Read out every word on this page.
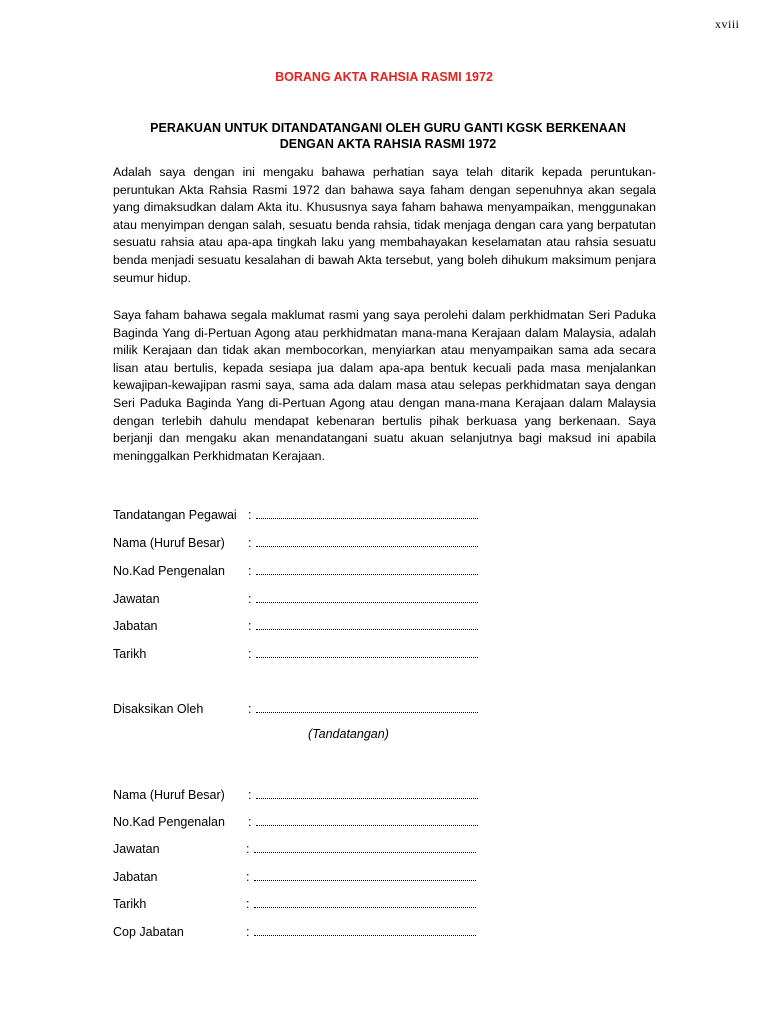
xviii
BORANG AKTA RAHSIA RASMI 1972
PERAKUAN UNTUK DITANDATANGANI OLEH GURU GANTI KGSK BERKENAAN
DENGAN AKTA RAHSIA RASMI 1972

Adalah saya dengan ini mengaku bahawa perhatian saya telah ditarik kepada peruntukan-peruntukan Akta Rahsia Rasmi 1972 dan bahawa saya faham dengan sepenuhnya akan segala yang dimaksudkan dalam Akta itu. Khususnya saya faham bahawa menyampaikan, menggunakan atau menyimpan dengan salah, sesuatu benda rahsia, tidak menjaga dengan cara yang berpatutan sesuatu rahsia atau apa-apa tingkah laku yang membahayakan keselamatan atau rahsia sesuatu benda menjadi sesuatu kesalahan di bawah Akta tersebut, yang boleh dihukum maksimum penjara seumur hidup.

Saya faham bahawa segala maklumat rasmi yang saya perolehi dalam perkhidmatan Seri Paduka Baginda Yang di-Pertuan Agong atau perkhidmatan mana-mana Kerajaan dalam Malaysia, adalah milik Kerajaan dan tidak akan membocorkan, menyiarkan atau menyampaikan sama ada secara lisan atau bertulis, kepada sesiapa jua dalam apa-apa bentuk kecuali pada masa menjalankan kewajipan-kewajipan rasmi saya, sama ada dalam masa atau selepas perkhidmatan saya dengan Seri Paduka Baginda Yang di-Pertuan Agong atau dengan mana-mana Kerajaan dalam Malaysia dengan terlebih dahulu mendapat kebenaran bertulis pihak berkuasa yang berkenaan. Saya berjanji dan mengaku akan menandatangani suatu akuan selanjutnya bagi maksud ini apabila meninggalkan Perkhidmatan Kerajaan.

Tandatangan Pegawai :
Nama (Huruf Besar) :
No.Kad Pengenalan :
Jawatan	:
Jabatan	:
Tarikh	:
Disaksikan Oleh	:
(Tandatangan)
Nama (Huruf Besar) :
No.Kad Pengenalan :
Jawatan	:
Jabatan	:
Tarikh	:
Cop Jabatan	:
